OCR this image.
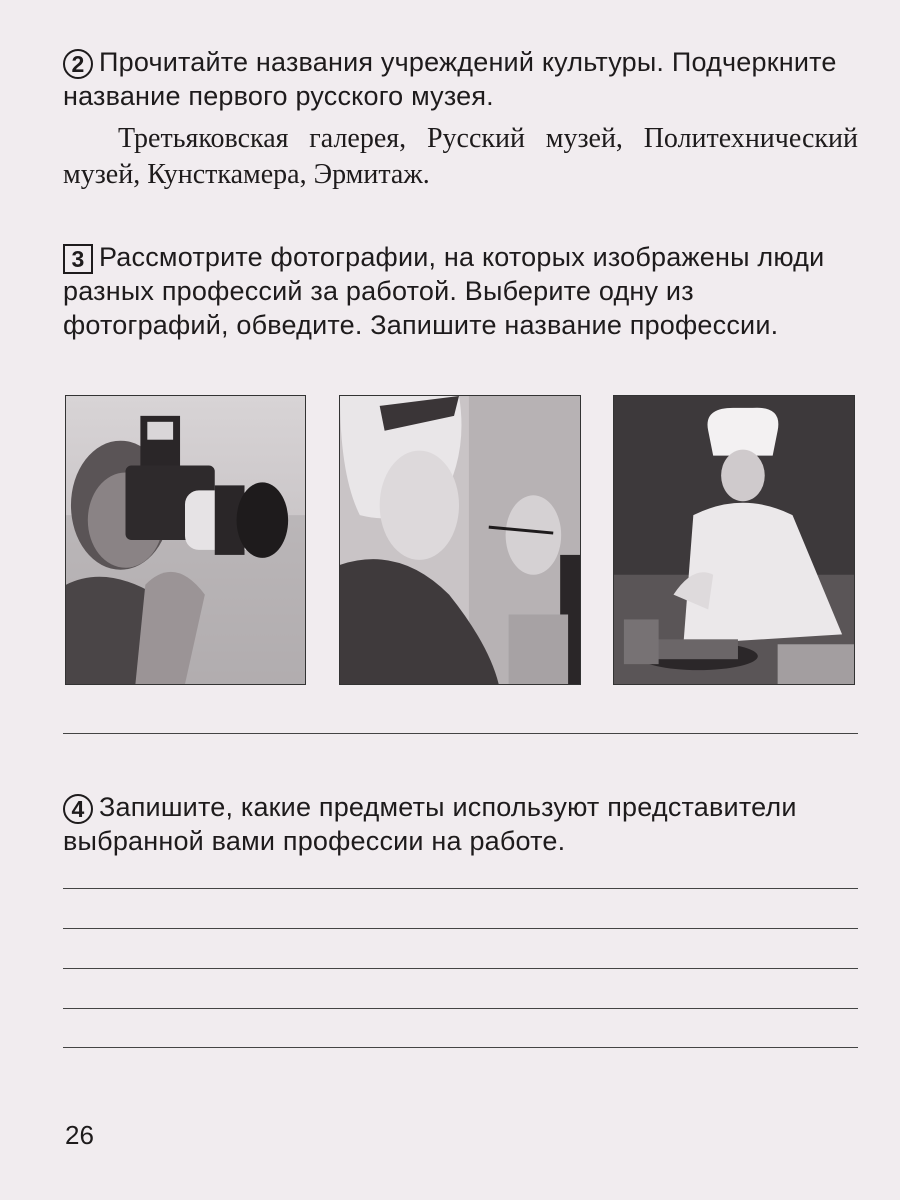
2 Прочитайте названия учреждений культуры. Подчеркните название первого русского музея.
Третьяковская галерея, Русский музей, Политехнический музей, Кунсткамера, Эрмитаж.
3 Рассмотрите фотографии, на которых изображены люди разных профессий за работой. Выберите одну из фотографий, обведите. Запишите название профессии.
4 Запишите, какие предметы используют представители выбранной вами профессии на работе.
26
